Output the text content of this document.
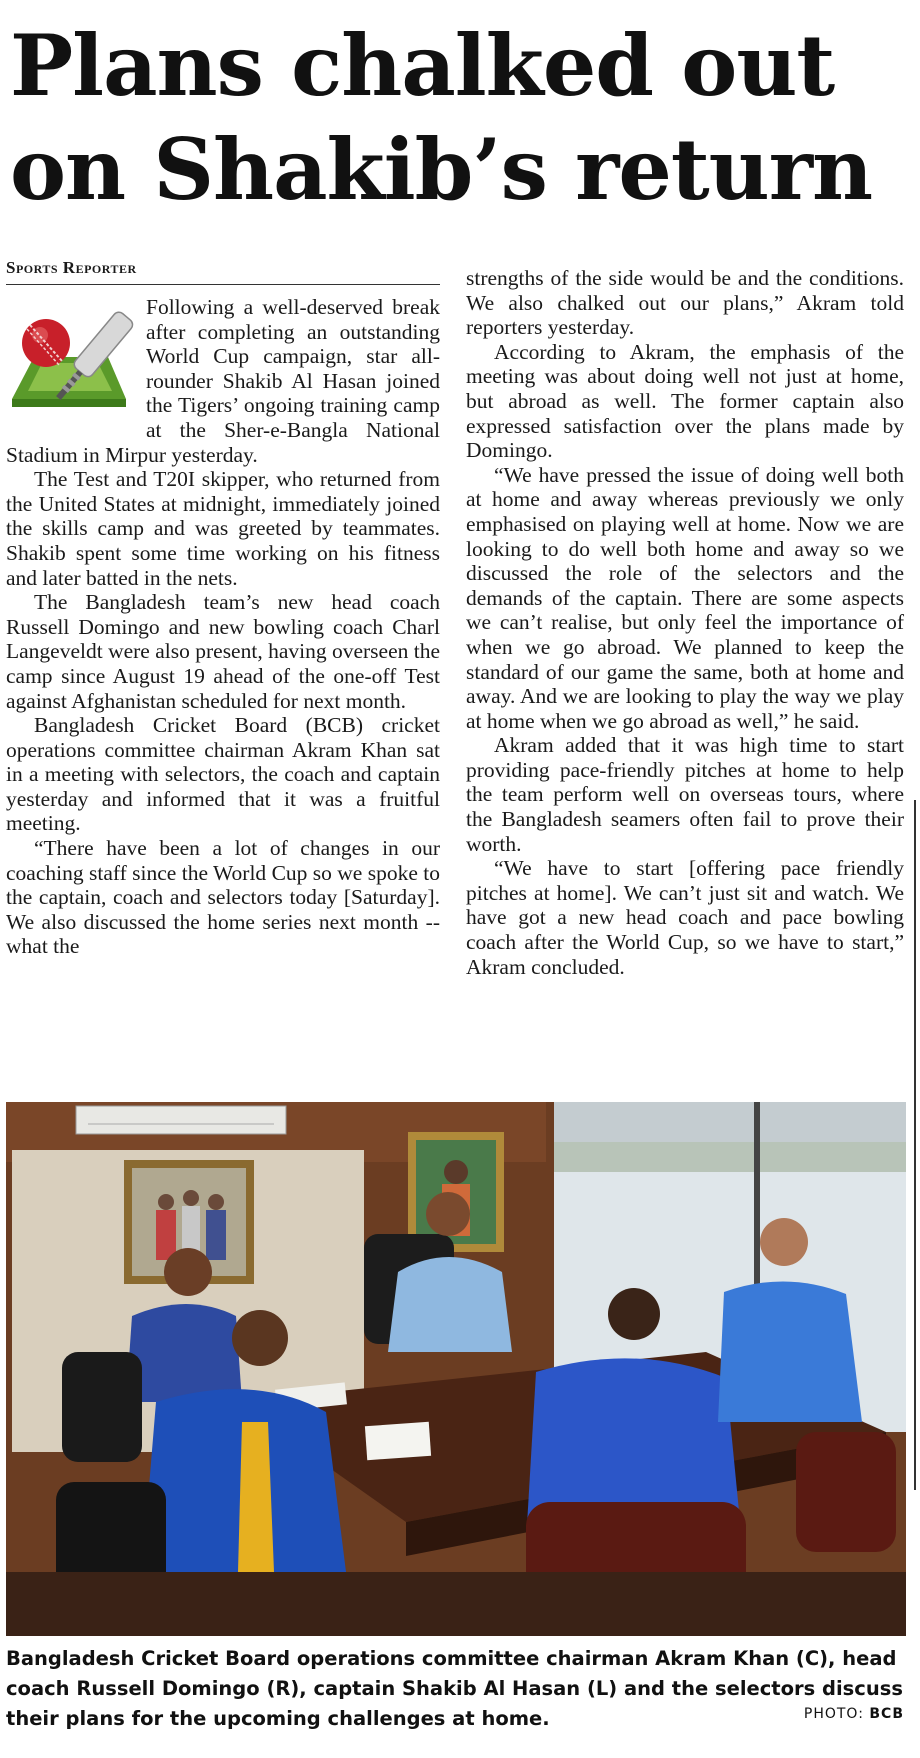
Plans chalked out
on Shakib’s return
Sports Reporter

Following a well-deserved break after completing an outstanding World Cup campaign, star all-rounder Shakib Al Hasan joined the Tigers’ ongoing training camp at the Sher-e-Bangla National Stadium in Mirpur yesterday.

The Test and T20I skipper, who returned from the United States at midnight, immediately joined the skills camp and was greeted by teammates. Shakib spent some time working on his fitness and later batted in the nets.

The Bangladesh team’s new head coach Russell Domingo and new bowling coach Charl Langeveldt were also present, having overseen the camp since August 19 ahead of the one-off Test against Afghanistan scheduled for next month.

Bangladesh Cricket Board (BCB) cricket operations committee chairman Akram Khan sat in a meeting with selectors, the coach and captain yesterday and informed that it was a fruitful meeting.

“There have been a lot of changes in our coaching staff since the World Cup so we spoke to the captain, coach and selectors today [Saturday]. We also discussed the home series next month -- what the

strengths of the side would be and the conditions. We also chalked out our plans,” Akram told reporters yesterday.

According to Akram, the emphasis of the meeting was about doing well not just at home, but abroad as well. The former captain also expressed satisfaction over the plans made by Domingo.

“We have pressed the issue of doing well both at home and away whereas previously we only emphasised on playing well at home. Now we are looking to do well both home and away so we discussed the role of the selectors and the demands of the captain. There are some aspects we can’t realise, but only feel the importance of when we go abroad. We planned to keep the standard of our game the same, both at home and away. And we are looking to play the way we play at home when we go abroad as well,” he said.

Akram added that it was high time to start providing pace-friendly pitches at home to help the team perform well on overseas tours, where the Bangladesh seamers often fail to prove their worth.

“We have to start [offering pace friendly pitches at home]. We can’t just sit and watch. We have got a new head coach and pace bowling coach after the World Cup, so we have to start,” Akram concluded.

Bangladesh Cricket Board operations committee chairman Akram Khan (C), head coach Russell Domingo (R), captain Shakib Al Hasan (L) and the selectors discuss their plans for the upcoming challenges at home.	PHOTO: BCB
